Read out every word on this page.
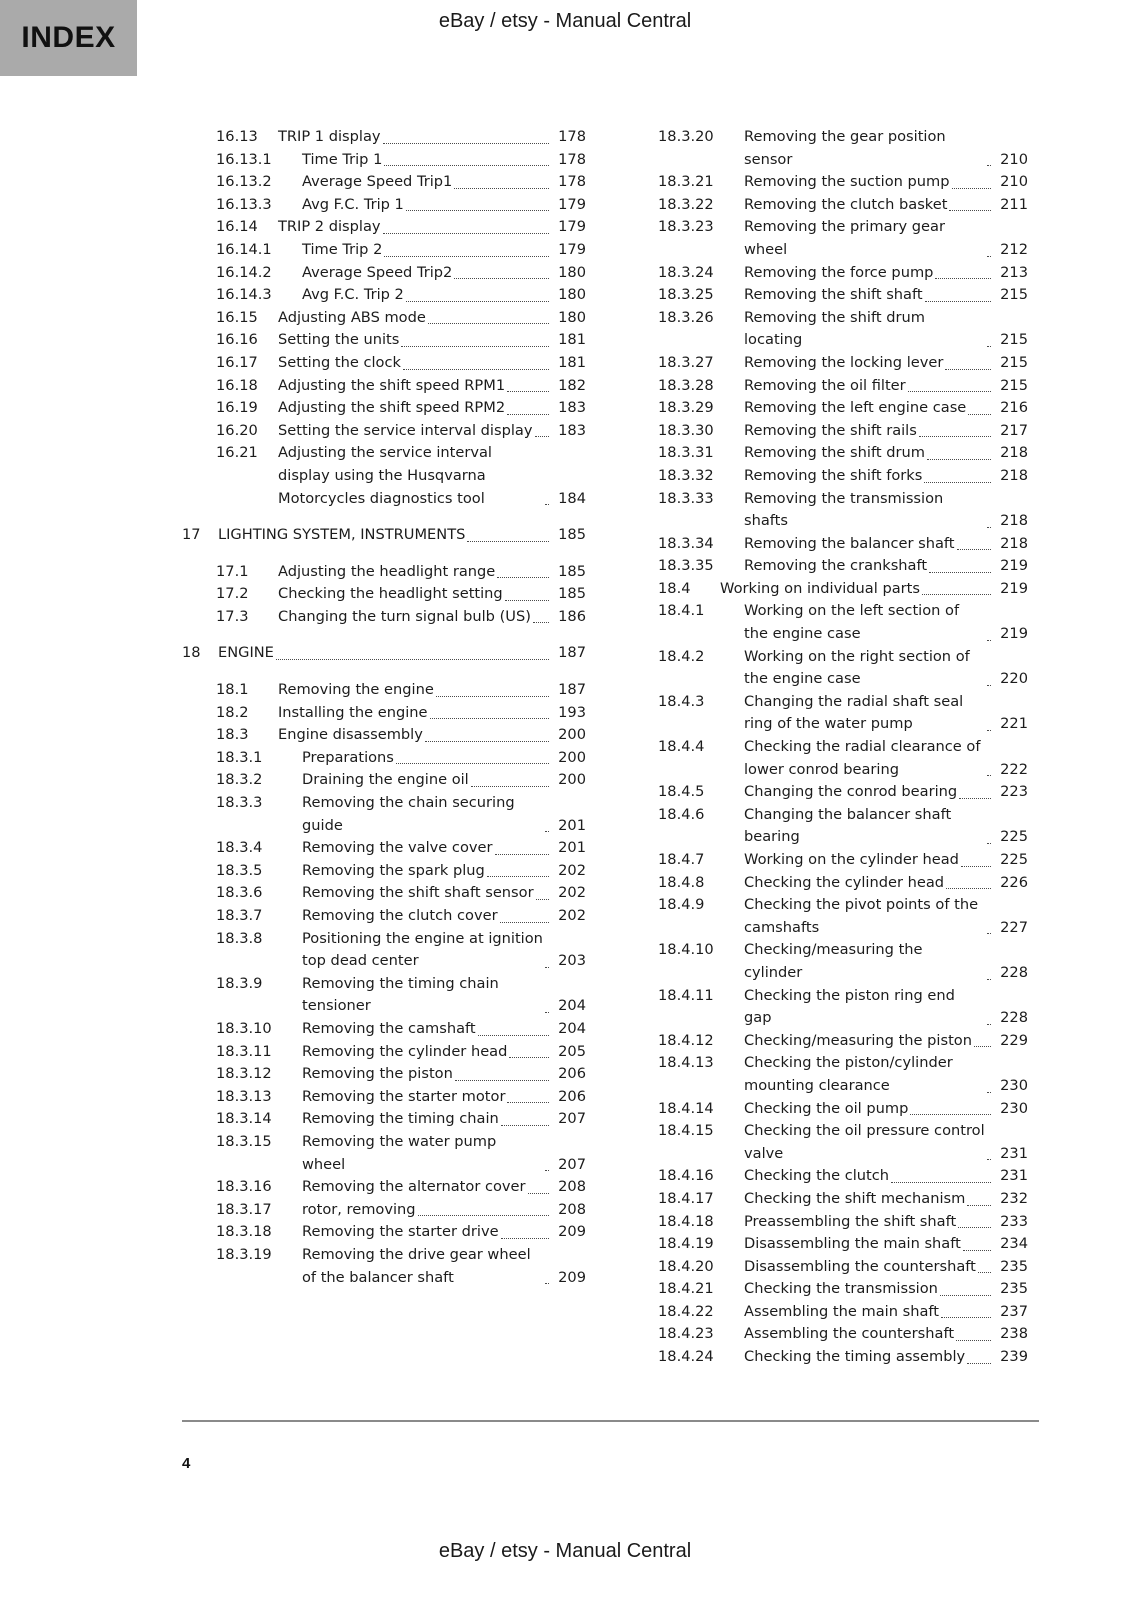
INDEX	eBay / etsy - Manual Central
16.13	TRIP 1 display	178
16.13.1	Time Trip 1	178
16.13.2	Average Speed Trip1	178
16.13.3	Avg F.C. Trip 1	179
16.14	TRIP 2 display	179
16.14.1	Time Trip 2	179
16.14.2	Average Speed Trip2	180
16.14.3	Avg F.C. Trip 2	180
16.15	Adjusting ABS mode	180
16.16	Setting the units	181
16.17	Setting the clock	181
16.18	Adjusting the shift speed RPM1	182
16.19	Adjusting the shift speed RPM2	183
16.20	Setting the service interval display	183
16.21	Adjusting the service interval display using the Husqvarna Motorcycles diagnostics tool	184
17	LIGHTING SYSTEM, INSTRUMENTS	185
17.1	Adjusting the headlight range	185
17.2	Checking the headlight setting	185
17.3	Changing the turn signal bulb (US)	186
18	ENGINE	187
18.1	Removing the engine	187
18.2	Installing the engine	193
18.3	Engine disassembly	200
18.3.1	Preparations	200
18.3.2	Draining the engine oil	200
18.3.3	Removing the chain securing guide	201
18.3.4	Removing the valve cover	201
18.3.5	Removing the spark plug	202
18.3.6	Removing the shift shaft sensor	202
18.3.7	Removing the clutch cover	202
18.3.8	Positioning the engine at ignition top dead center	203
18.3.9	Removing the timing chain tensioner	204
18.3.10	Removing the camshaft	204
18.3.11	Removing the cylinder head	205
18.3.12	Removing the piston	206
18.3.13	Removing the starter motor	206
18.3.14	Removing the timing chain	207
18.3.15	Removing the water pump wheel	207
18.3.16	Removing the alternator cover	208
18.3.17	rotor, removing	208
18.3.18	Removing the starter drive	209
18.3.19	Removing the drive gear wheel of the balancer shaft	209
18.3.20	Removing the gear position sensor	210
18.3.21	Removing the suction pump	210
18.3.22	Removing the clutch basket	211
18.3.23	Removing the primary gear wheel	212
18.3.24	Removing the force pump	213
18.3.25	Removing the shift shaft	215
18.3.26	Removing the shift drum locating	215
18.3.27	Removing the locking lever	215
18.3.28	Removing the oil filter	215
18.3.29	Removing the left engine case	216
18.3.30	Removing the shift rails	217
18.3.31	Removing the shift drum	218
18.3.32	Removing the shift forks	218
18.3.33	Removing the transmission shafts	218
18.3.34	Removing the balancer shaft	218
18.3.35	Removing the crankshaft	219
18.4	Working on individual parts	219
18.4.1	Working on the left section of the engine case	219
18.4.2	Working on the right section of the engine case	220
18.4.3	Changing the radial shaft seal ring of the water pump	221
18.4.4	Checking the radial clearance of lower conrod bearing	222
18.4.5	Changing the conrod bearing	223
18.4.6	Changing the balancer shaft bearing	225
18.4.7	Working on the cylinder head	225
18.4.8	Checking the cylinder head	226
18.4.9	Checking the pivot points of the camshafts	227
18.4.10	Checking/measuring the cylinder	228
18.4.11	Checking the piston ring end gap	228
18.4.12	Checking/measuring the piston	229
18.4.13	Checking the piston/cylinder mounting clearance	230
18.4.14	Checking the oil pump	230
18.4.15	Checking the oil pressure control valve	231
18.4.16	Checking the clutch	231
18.4.17	Checking the shift mechanism	232
18.4.18	Preassembling the shift shaft	233
18.4.19	Disassembling the main shaft	234
18.4.20	Disassembling the countershaft	235
18.4.21	Checking the transmission	235
18.4.22	Assembling the main shaft	237
18.4.23	Assembling the countershaft	238
18.4.24	Checking the timing assembly	239
4
eBay / etsy - Manual Central
